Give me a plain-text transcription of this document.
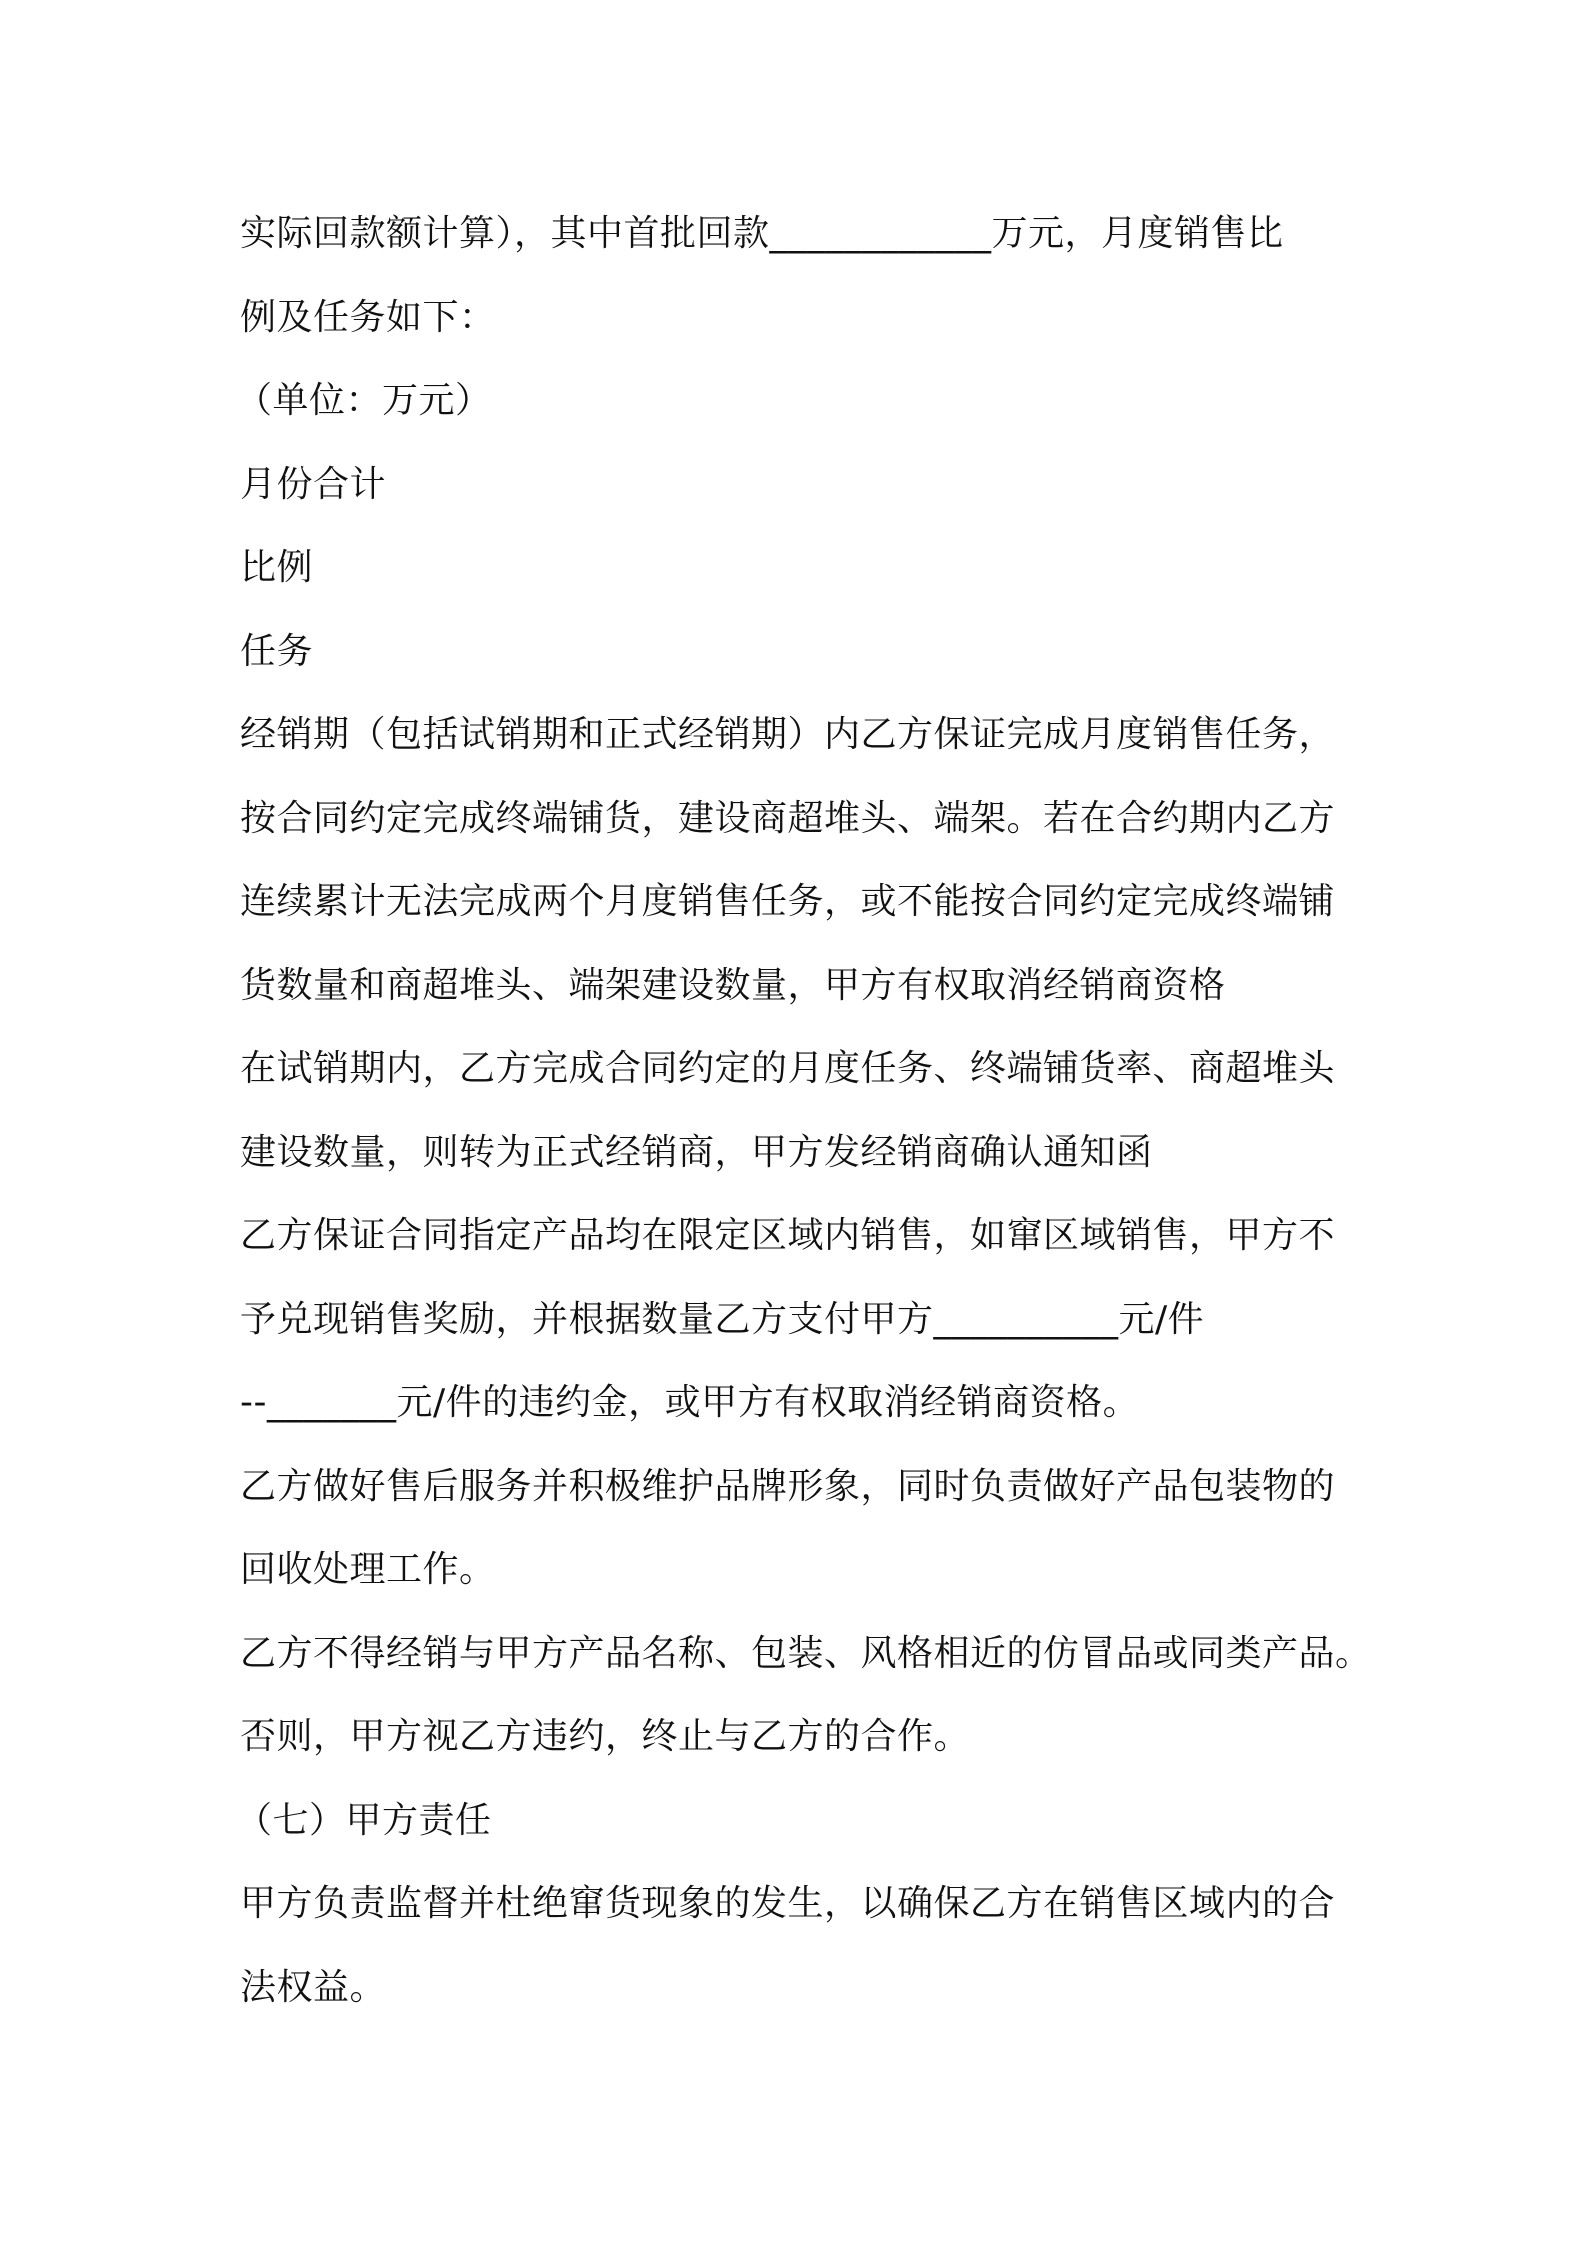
实际回款额计算），其中首批回款____________万元，月度销售比
例及任务如下：
（单位：万元）
月份合计
比例
任务
经销期（包括试销期和正式经销期）内乙方保证完成月度销售任务，
按合同约定完成终端铺货，建设商超堆头、端架。若在合约期内乙方
连续累计无法完成两个月度销售任务，或不能按合同约定完成终端铺
货数量和商超堆头、端架建设数量，甲方有权取消经销商资格
在试销期内，乙方完成合同约定的月度任务、终端铺货率、商超堆头
建设数量，则转为正式经销商，甲方发经销商确认通知函
乙方保证合同指定产品均在限定区域内销售，如窜区域销售，甲方不
予兑现销售奖励，并根据数量乙方支付甲方__________元/件
--_______元/件的违约金，或甲方有权取消经销商资格。
乙方做好售后服务并积极维护品牌形象，同时负责做好产品包装物的
回收处理工作。
乙方不得经销与甲方产品名称、包装、风格相近的仿冒品或同类产品。
否则，甲方视乙方违约，终止与乙方的合作。
（七）甲方责任
甲方负责监督并杜绝窜货现象的发生，以确保乙方在销售区域内的合
法权益。
